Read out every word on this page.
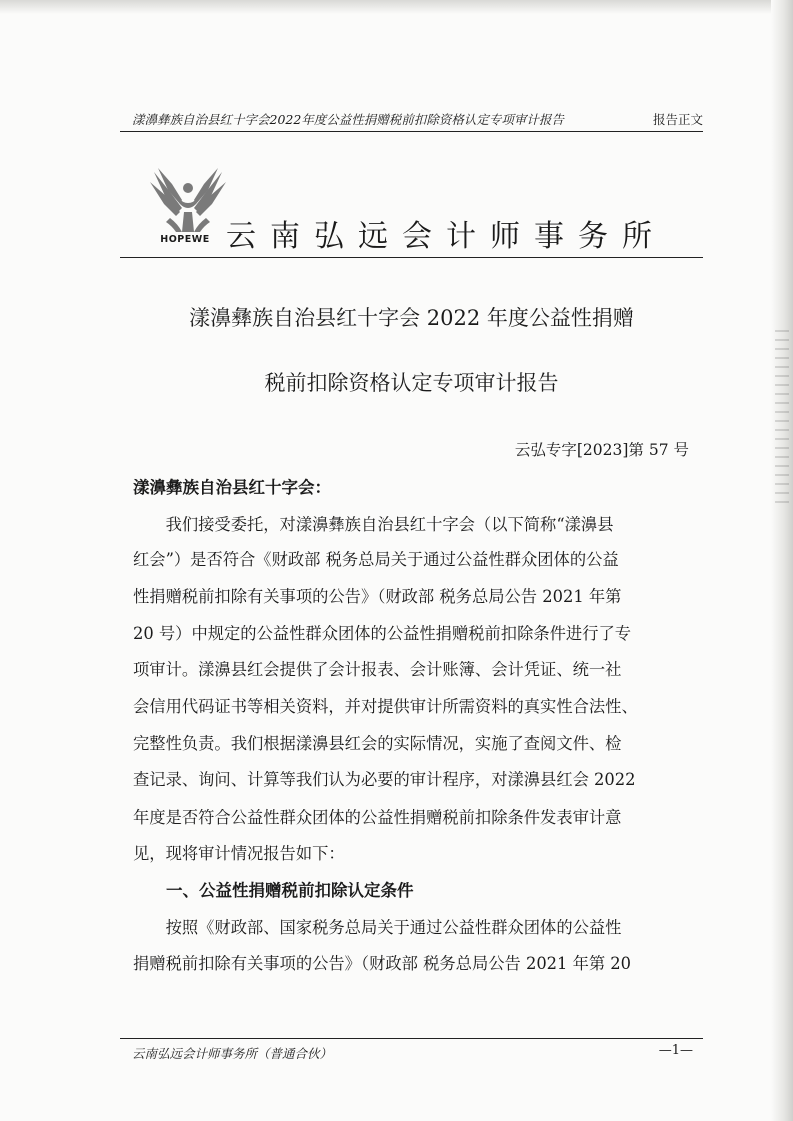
漾濞彝族自治县红十字会2022年度公益性捐赠税前扣除资格认定专项审计报告	报告正文
HOPEWE 云南弘远会计师事务所
漾濞彝族自治县红十字会 2022 年度公益性捐赠
税前扣除资格认定专项审计报告
云弘专字[2023]第 57 号
漾濞彝族自治县红十字会：
　　我们接受委托，对漾濞彝族自治县红十字会（以下简称“漾濞县
红会”）是否符合《财政部 税务总局关于通过公益性群众团体的公益
性捐赠税前扣除有关事项的公告》（财政部 税务总局公告 2021 年第
20 号）中规定的公益性群众团体的公益性捐赠税前扣除条件进行了专
项审计。漾濞县红会提供了会计报表、会计账簿、会计凭证、统一社
会信用代码证书等相关资料，并对提供审计所需资料的真实性合法性、
完整性负责。我们根据漾濞县红会的实际情况，实施了查阅文件、检
查记录、询问、计算等我们认为必要的审计程序，对漾濞县红会 2022
年度是否符合公益性群众团体的公益性捐赠税前扣除条件发表审计意
见，现将审计情况报告如下：
一、公益性捐赠税前扣除认定条件
　　按照《财政部、国家税务总局关于通过公益性群众团体的公益性
捐赠税前扣除有关事项的公告》（财政部 税务总局公告 2021 年第 20
云南弘远会计师事务所（普通合伙）	—1—
